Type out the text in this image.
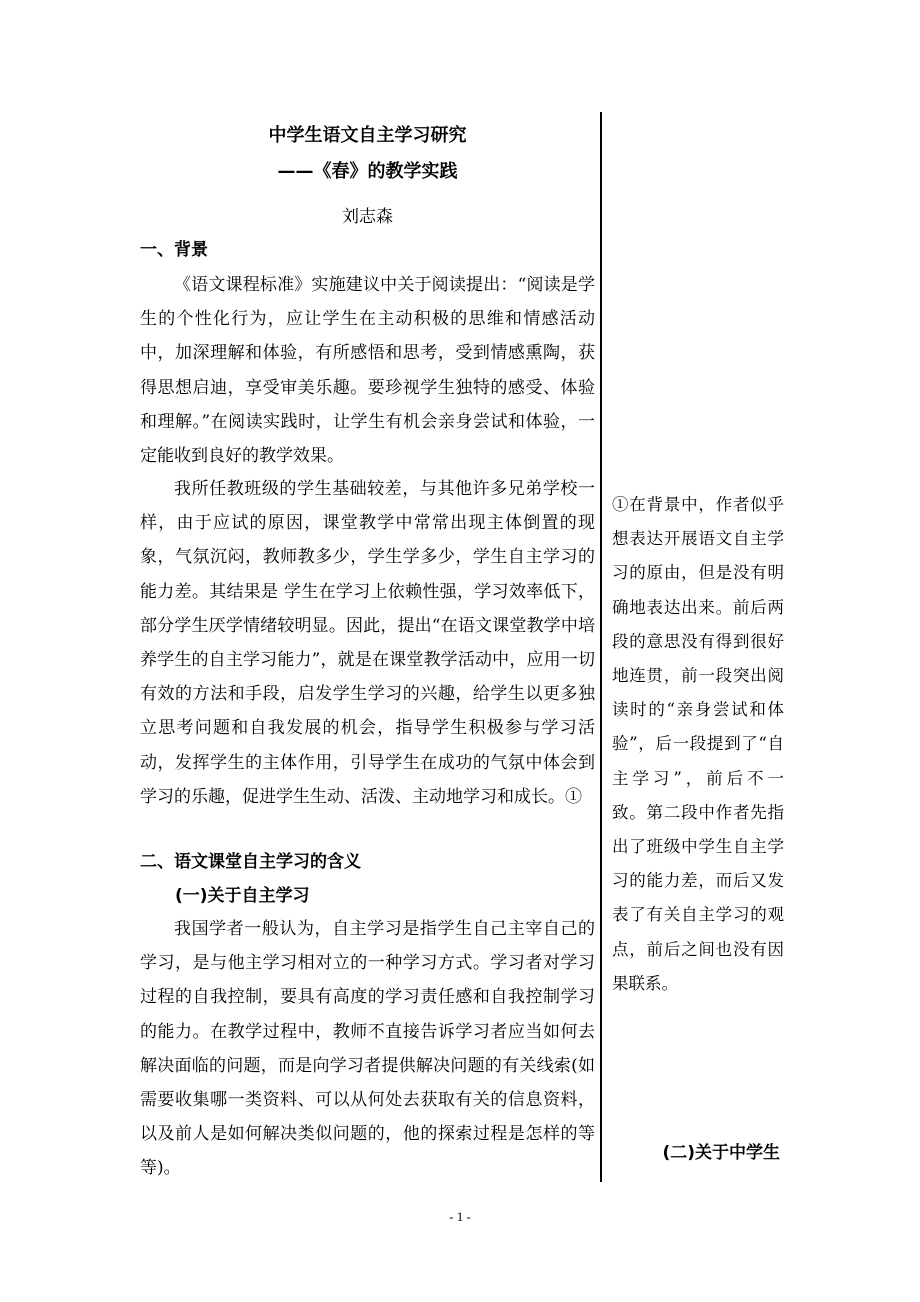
中学生语文自主学习研究
——《春》的教学实践
刘志森
一、背景

《语文课程标准》实施建议中关于阅读提出：“阅读是学生的个性化行为，应让学生在主动积极的思维和情感活动中，加深理解和体验，有所感悟和思考，受到情感熏陶，获得思想启迪，享受审美乐趣。要珍视学生独特的感受、体验和理解。”在阅读实践时，让学生有机会亲身尝试和体验，一定能收到良好的教学效果。

我所任教班级的学生基础较差，与其他许多兄弟学校一样，由于应试的原因，课堂教学中常常出现主体倒置的现象，气氛沉闷，教师教多少，学生学多少，学生自主学习的能力差。其结果是 学生在学习上依赖性强，学习效率低下，部分学生厌学情绪较明显。因此，提出“在语文课堂教学中培养学生的自主学习能力”，就是在课堂教学活动中，应用一切有效的方法和手段，启发学生学习的兴趣，给学生以更多独立思考问题和自我发展的机会，指导学生积极参与学习活动，发挥学生的主体作用，引导学生在成功的气氛中体会到学习的乐趣，促进学生生动、活泼、主动地学习和成长。①

二、语文课堂自主学习的含义
(一)关于自主学习

我国学者一般认为，自主学习是指学生自己主宰自己的学习，是与他主学习相对立的一种学习方式。学习者对学习过程的自我控制，要具有高度的学习责任感和自我控制学习的能力。在教学过程中，教师不直接告诉学习者应当如何去解决面临的问题，而是向学习者提供解决问题的有关线索(如需要收集哪一类资料、可以从何处去获取有关的信息资料，以及前人是如何解决类似问题的，他的探索过程是怎样的等等)。

①在背景中，作者似乎想表达开展语文自主学习的原由，但是没有明确地表达出来。前后两段的意思没有得到很好地连贯，前一段突出阅读时的“亲身尝试和体验”，后一段提到了“自主学习”，前后不一致。第二段中作者先指出了班级中学生自主学习的能力差，而后又发表了有关自主学习的观点，前后之间也没有因果联系。

(二)关于中学生
- 1 -
